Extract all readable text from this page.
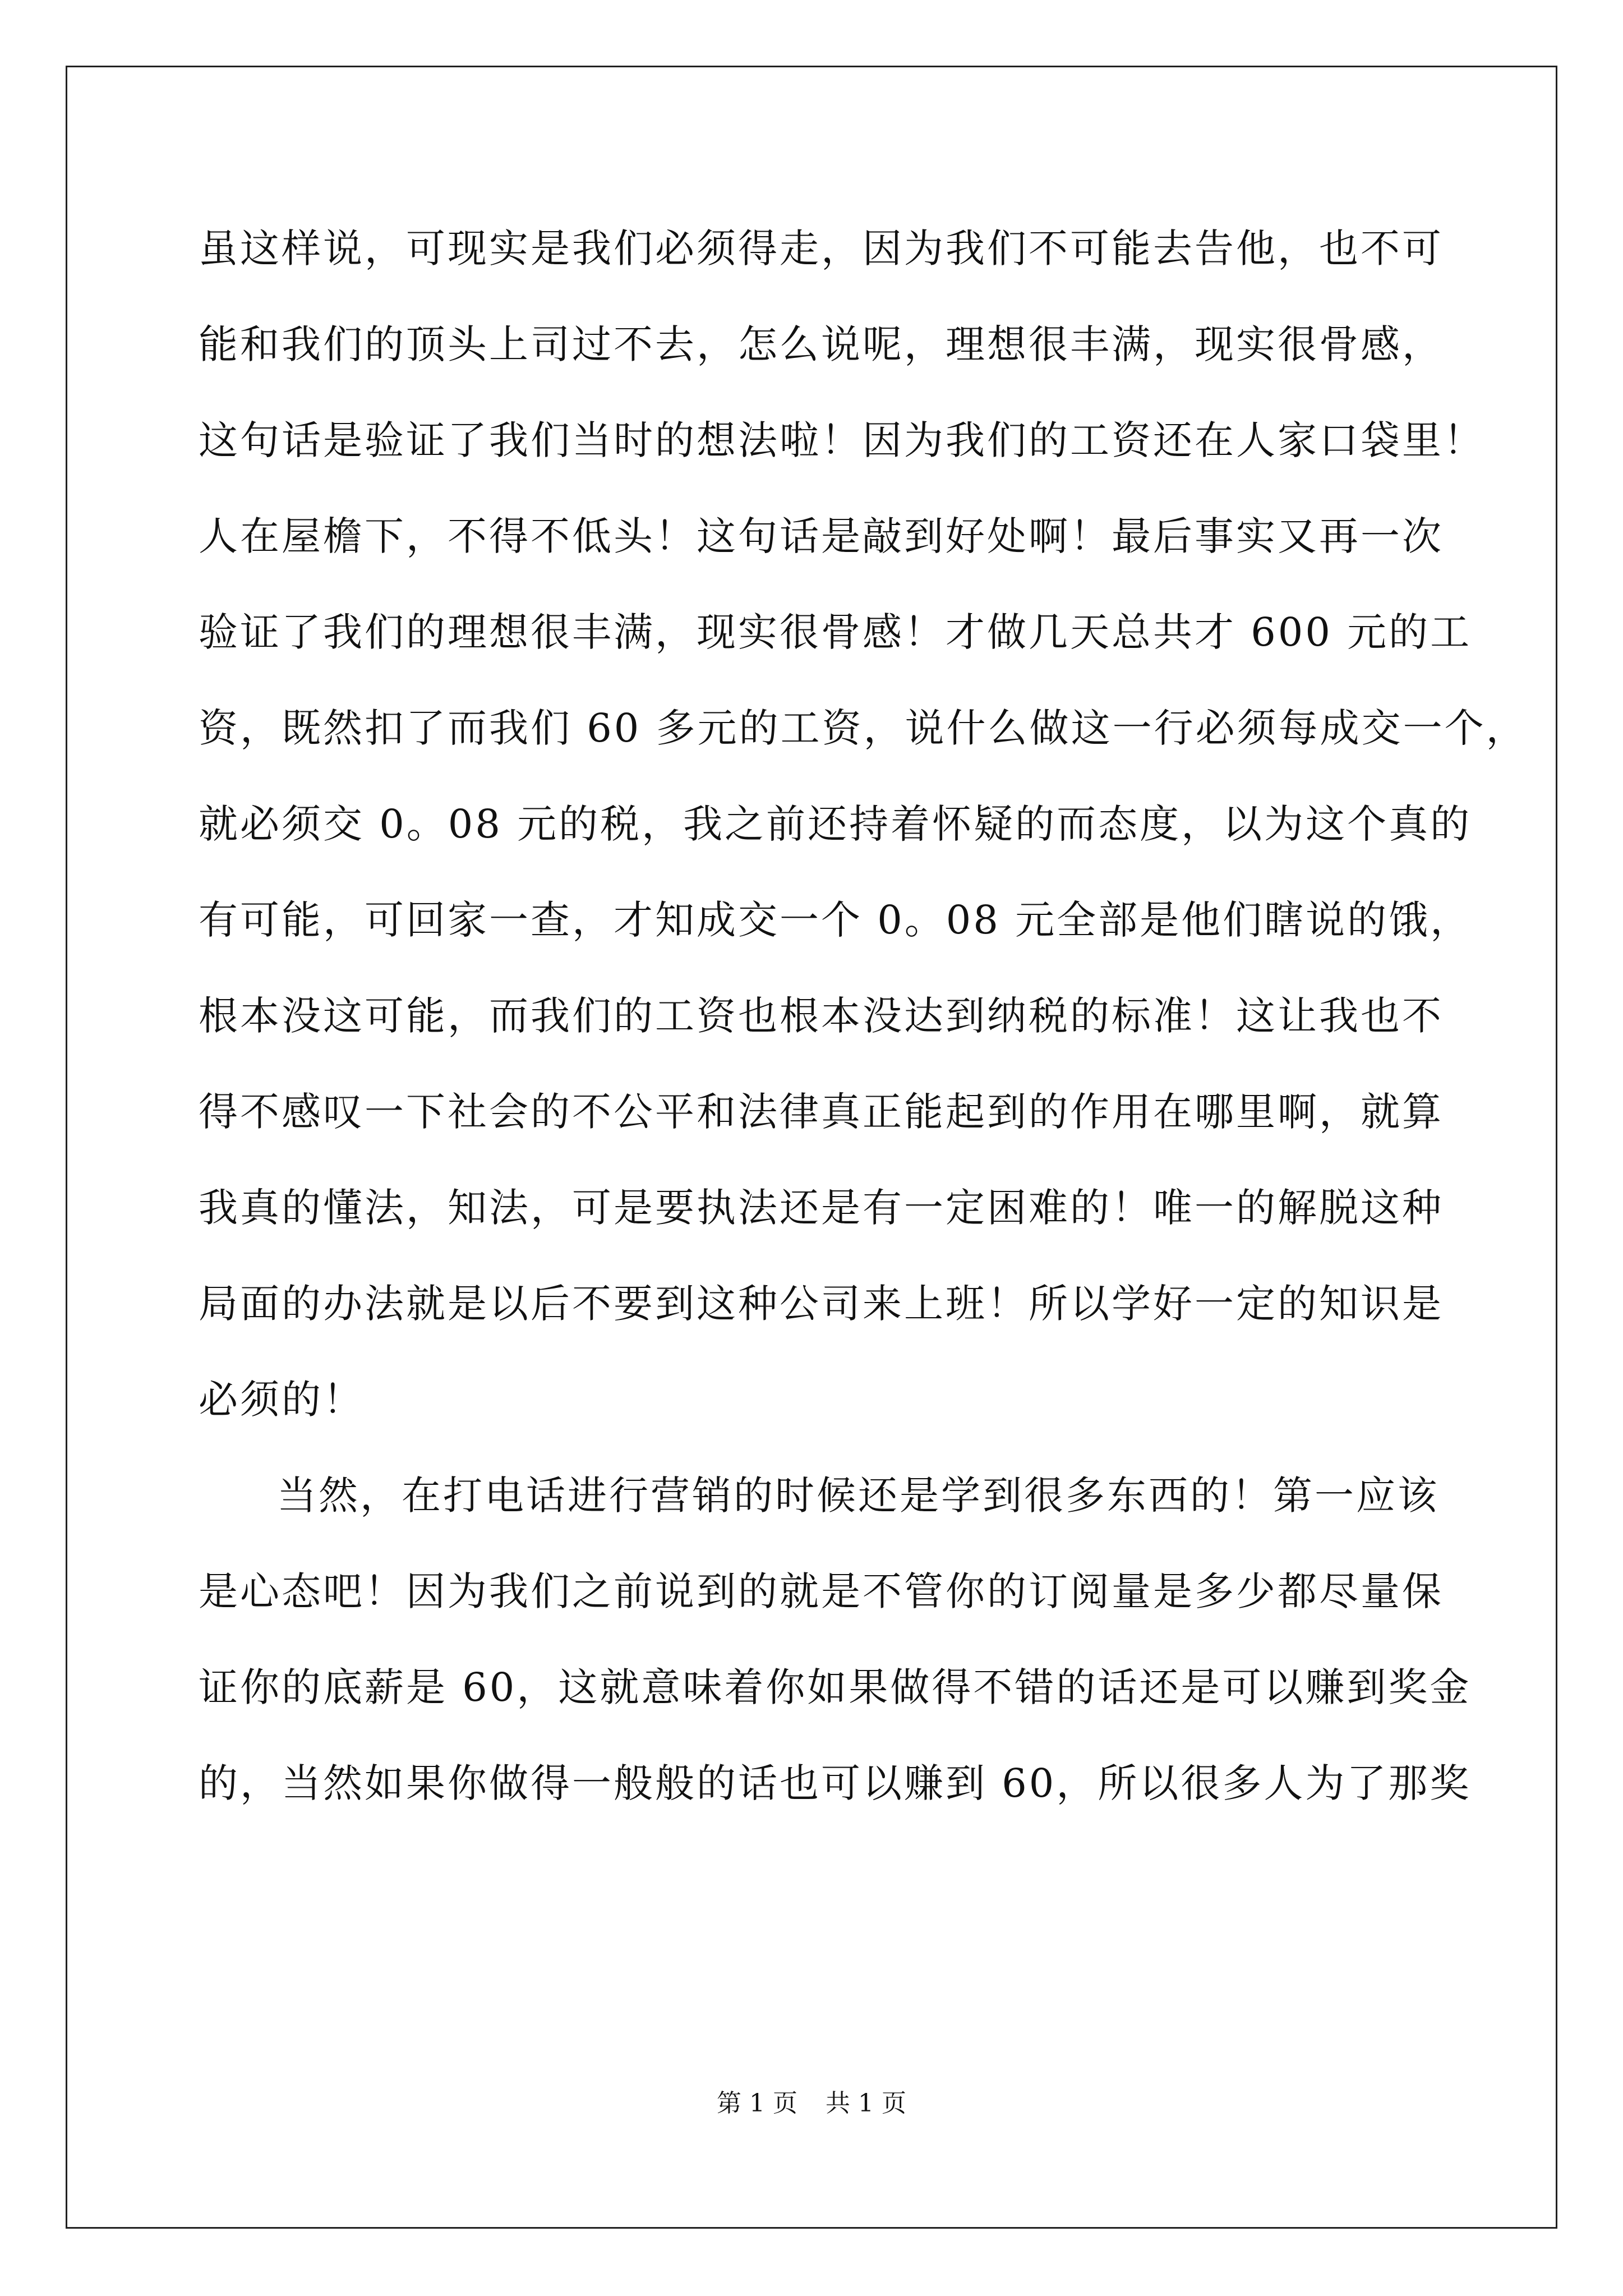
虽这样说，可现实是我们必须得走，因为我们不可能去告他，也不可
能和我们的顶头上司过不去，怎么说呢，理想很丰满，现实很骨感，
这句话是验证了我们当时的想法啦！因为我们的工资还在人家口袋里！
人在屋檐下，不得不低头！这句话是敲到好处啊！最后事实又再一次
验证了我们的理想很丰满，现实很骨感！才做几天总共才 600 元的工
资，既然扣了而我们 60 多元的工资，说什么做这一行必须每成交一个，
就必须交 0。08 元的税，我之前还持着怀疑的而态度，以为这个真的
有可能，可回家一查，才知成交一个 0。08 元全部是他们瞎说的饿，
根本没这可能，而我们的工资也根本没达到纳税的标准！这让我也不
得不感叹一下社会的不公平和法律真正能起到的作用在哪里啊，就算
我真的懂法，知法，可是要执法还是有一定困难的！唯一的解脱这种
局面的办法就是以后不要到这种公司来上班！所以学好一定的知识是
必须的！
当然，在打电话进行营销的时候还是学到很多东西的！第一应该
是心态吧！因为我们之前说到的就是不管你的订阅量是多少都尽量保
证你的底薪是 60，这就意味着你如果做得不错的话还是可以赚到奖金
的，当然如果你做得一般般的话也可以赚到 60，所以很多人为了那奖
第 1 页 共 1 页
